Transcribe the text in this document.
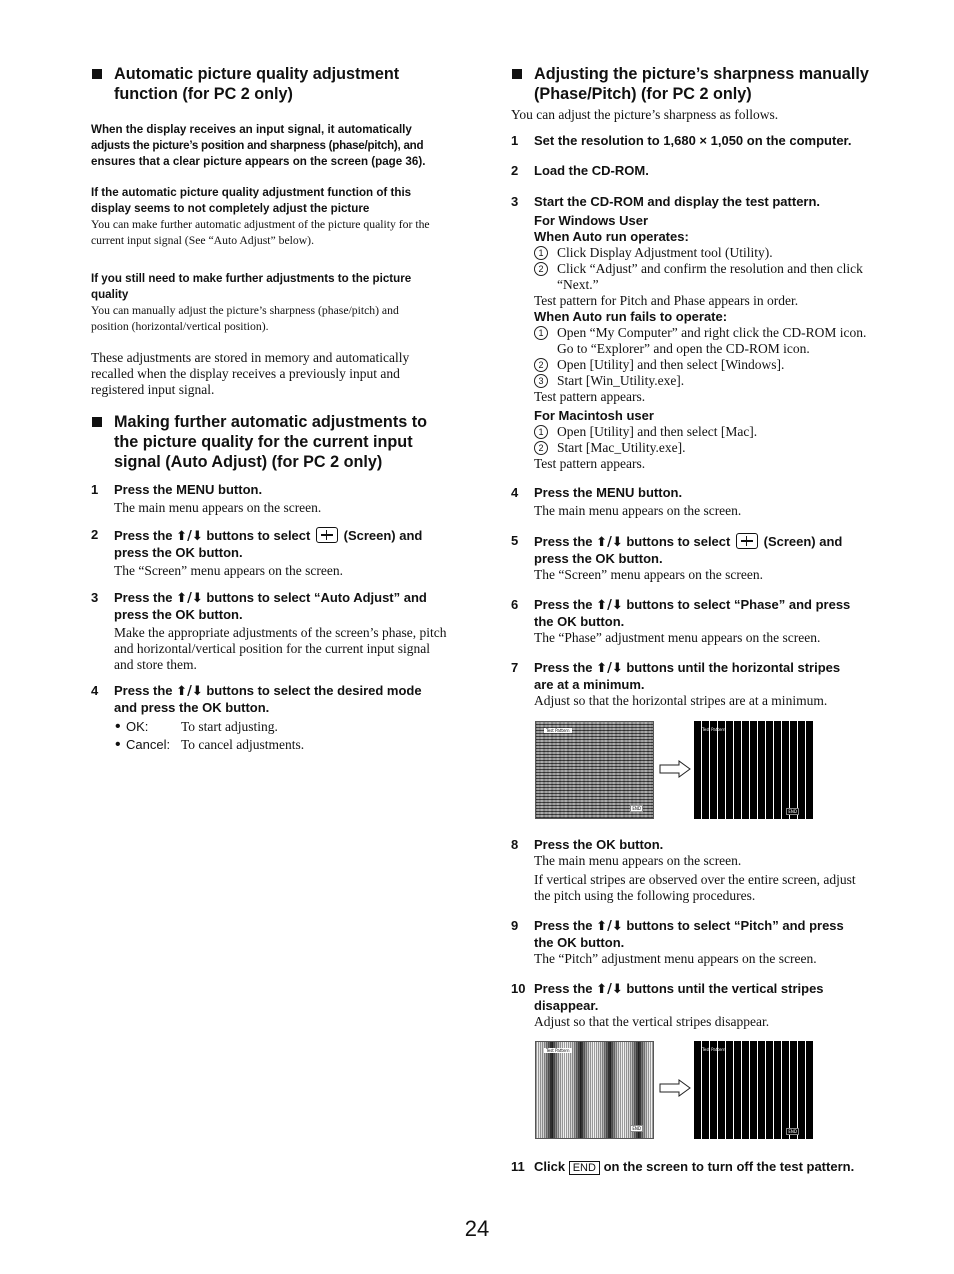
Automatic picture quality adjustment
function (for PC 2 only)

When the display receives an input signal, it automatically

adjusts the picture’s position and sharpness (phase/pitch), and

ensures that a clear picture appears on the screen (page 36).

If the automatic picture quality adjustment function of this

display seems to not completely adjust the picture

You can make further automatic adjustment of the picture quality for the

current input signal (See “Auto Adjust” below).

If you still need to make further adjustments to the picture

quality

You can manually adjust the picture’s sharpness (phase/pitch) and

position (horizontal/vertical position).

These adjustments are stored in memory and automatically

recalled when the display receives a previously input and

registered input signal.

Making further automatic adjustments to
the picture quality for the current input
signal (Auto Adjust) (for PC 2 only)
1 Press the MENU button.

The main menu appears on the screen.

2 Press the ⬆/⬇ buttons to select	(Screen) and

press the OK button.

The “Screen” menu appears on the screen.

3 Press the ⬆/⬇ buttons to select “Auto Adjust” and

press the OK button.

Make the appropriate adjustments of the screen’s phase, pitch

and horizontal/vertical position for the current input signal

and store them.

4 Press the ⬆/⬇ buttons to select the desired mode

and press the OK button.

• OK: To start adjusting.
• Cancel: To cancel adjustments.
Adjusting the picture’s sharpness manually
(Phase/Pitch) (for PC 2 only)

You can adjust the picture’s sharpness as follows.

1 Set the resolution to 1,680 × 1,050 on the computer.

2 Load the CD-ROM.

3 Start the CD-ROM and display the test pattern.

For Windows User

When Auto run operates:

1	Click Display Adjustment tool (Utility).

2	Click “Adjust” and confirm the resolution and then click

“Next.”

Test pattern for Pitch and Phase appears in order.

When Auto run fails to operate:

1	Open “My Computer” and right click the CD-ROM icon.

Go to “Explorer” and open the CD-ROM icon.

2	Open [Utility] and then select [Windows].

3	Start [Win_Utility.exe].

Test pattern appears.

For Macintosh user

1	Open [Utility] and then select [Mac].

2	Start [Mac_Utility.exe].

Test pattern appears.

4 Press the MENU button.

The main menu appears on the screen.

5 Press the ⬆/⬇ buttons to select	(Screen) and

press the OK button.

The “Screen” menu appears on the screen.

6 Press the ⬆/⬇ buttons to select “Phase” and press

the OK button.

The “Phase” adjustment menu appears on the screen.

7 Press the ⬆/⬇ buttons until the horizontal stripes

are at a minimum.

Adjust so that the horizontal stripes are at a minimum.

Test Pattern
END
Test Pattern
END
8 Press the OK button.

The main menu appears on the screen.

If vertical stripes are observed over the entire screen, adjust

the pitch using the following procedures.

9 Press the ⬆/⬇ buttons to select “Pitch” and press

the OK button.

The “Pitch” adjustment menu appears on the screen.

10 Press the ⬆/⬇ buttons until the vertical stripes

disappear.

Adjust so that the vertical stripes disappear.

Test Pattern
END
Test Pattern
END
11 Click END on the screen to turn off the test pattern.

24
